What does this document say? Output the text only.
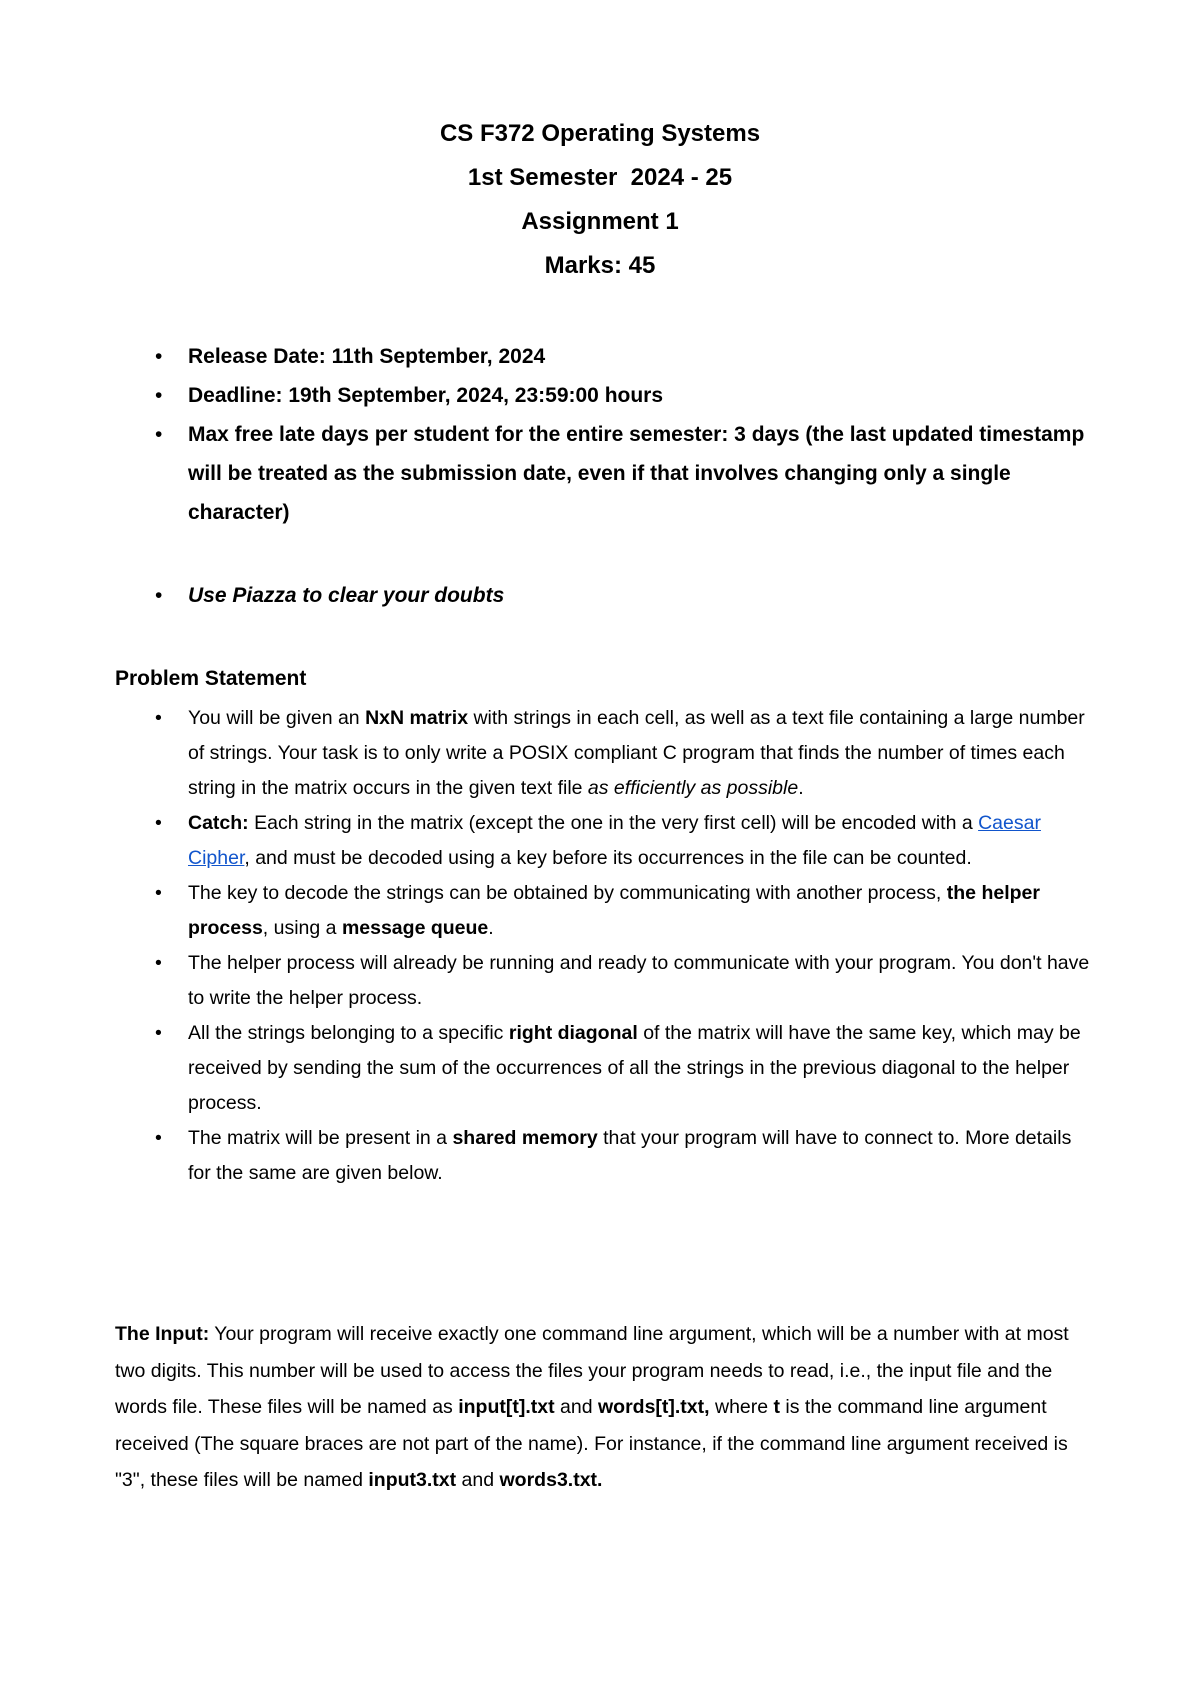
CS F372 Operating Systems
1st Semester  2024 - 25
Assignment 1
Marks: 45
• Release Date: 11th September, 2024
• Deadline: 19th September, 2024, 23:59:00 hours
• Max free late days per student for the entire semester: 3 days (the last updated timestamp will be treated as the submission date, even if that involves changing only a single character)
• Use Piazza to clear your doubts
Problem Statement
• You will be given an NxN matrix with strings in each cell, as well as a text file containing a large number of strings. Your task is to only write a POSIX compliant C program that finds the number of times each string in the matrix occurs in the given text file as efficiently as possible.
• Catch: Each string in the matrix (except the one in the very first cell) will be encoded with a Caesar Cipher, and must be decoded using a key before its occurrences in the file can be counted.
• The key to decode the strings can be obtained by communicating with another process, the helper process, using a message queue.
• The helper process will already be running and ready to communicate with your program. You don't have to write the helper process.
• All the strings belonging to a specific right diagonal of the matrix will have the same key, which may be received by sending the sum of the occurrences of all the strings in the previous diagonal to the helper process.
• The matrix will be present in a shared memory that your program will have to connect to. More details for the same are given below.
The Input: Your program will receive exactly one command line argument, which will be a number with at most two digits. This number will be used to access the files your program needs to read, i.e., the input file and the words file. These files will be named as input[t].txt and words[t].txt, where t is the command line argument received (The square braces are not part of the name). For instance, if the command line argument received is "3", these files will be named input3.txt and words3.txt.
